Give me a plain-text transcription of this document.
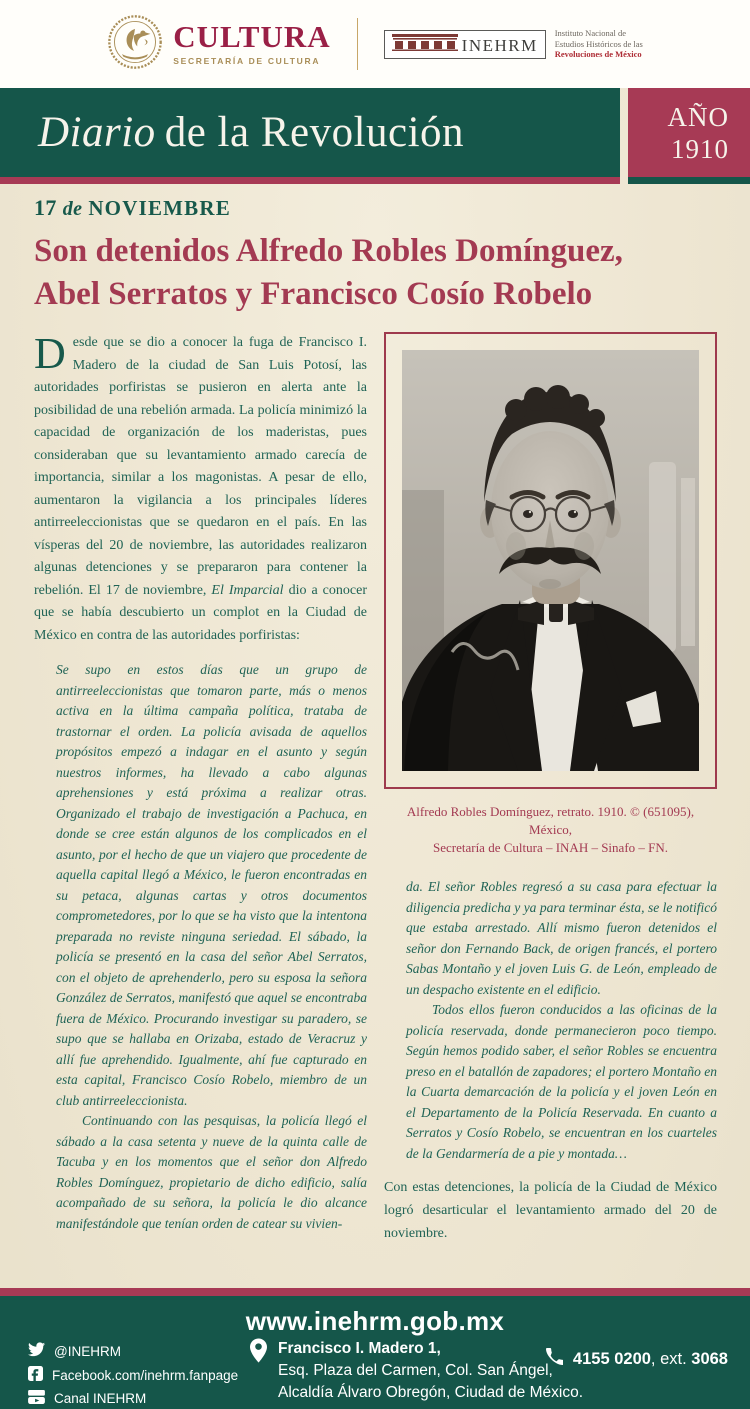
CULTURA
SECRETARÍA DE CULTURA
INEHRM
Instituto Nacional de
Estudios Históricos de las
Revoluciones de México
Diario de la Revolución	AÑO
1910
17 de NOVIEMBRE
Son detenidos Alfredo Robles Domínguez,
Abel Serratos y Francisco Cosío Robelo

Desde que se dio a conocer la fuga de Francisco I. Madero de la ciudad de San Luis Potosí, las autoridades porfiristas se pusieron en alerta ante la posibilidad de una rebelión armada. La policía minimizó la capacidad de organización de los maderistas, pues consideraban que su levantamiento armado carecía de importancia, similar a los magonistas. A pesar de ello, aumentaron la vigilancia a los principales líderes antirreeleccionistas que se quedaron en el país. En las vísperas del 20 de noviembre, las autoridades realizaron algunas detenciones y se prepararon para contener la rebelión. El 17 de noviembre, El Imparcial dio a conocer que se había descubierto un complot en la Ciudad de México en contra de las autoridades porfiristas:

Se supo en estos días que un grupo de antirreeleccionistas que tomaron parte, más o menos activa en la última campaña política, trataba de trastornar el orden. La policía avisada de aquellos propósitos empezó a indagar en el asunto y según nuestros informes, ha llevado a cabo algunas aprehensiones y está próxima a realizar otras. Organizado el trabajo de investigación a Pachuca, en donde se cree están algunos de los complicados en el asunto, por el hecho de que un viajero que procedente de aquella capital llegó a México, le fueron encontradas en su petaca, algunas cartas y otros documentos comprometedores, por lo que se ha visto que la intentona preparada no reviste ninguna seriedad. El sábado, la policía se presentó en la casa del señor Abel Serratos, con el objeto de aprehenderlo, pero su esposa la señora González de Serratos, manifestó que aquel se encontraba fuera de México. Procurando investigar su paradero, se supo que se hallaba en Orizaba, estado de Veracruz y allí fue aprehendido. Igualmente, ahí fue capturado en esta capital, Francisco Cosío Robelo, miembro de un club antirreeleccionista.

Continuando con las pesquisas, la policía llegó el sábado a la casa setenta y nueve de la quinta calle de Tacuba y en los momentos que el señor don Alfredo Robles Domínguez, propietario de dicho edificio, salía acompañado de su señora, la policía le dio alcance manifestándole que tenían orden de catear su vivien-

Alfredo Robles Domínguez, retrato. 1910. © (651095), México,
Secretaría de Cultura – INAH – Sinafo – FN.

da. El señor Robles regresó a su casa para efectuar la diligencia predicha y ya para terminar ésta, se le notificó que estaba arrestado. Allí mismo fueron detenidos el señor don Fernando Back, de origen francés, el portero Sabas Montaño y el joven Luis G. de León, empleado de un despacho existente en el edificio.

Todos ellos fueron conducidos a las oficinas de la policía reservada, donde permanecieron poco tiempo. Según hemos podido saber, el señor Robles se encuentra preso en el batallón de zapadores; el portero Montaño en la Cuarta demarcación de la policía y el joven León en el Departamento de la Policía Reservada. En cuanto a Serratos y Cosío Robelo, se encuentran en los cuarteles de la Gendarmería de a pie y montada…

Con estas detenciones, la policía de la Ciudad de México logró desarticular el levantamiento armado del 20 de noviembre.

www.inehrm.gob.mx
@INEHRM
Facebook.com/inehrm.fanpage
Canal INEHRM
Francisco I. Madero 1,
Esq. Plaza del Carmen, Col. San Ángel,
Alcaldía Álvaro Obregón, Ciudad de México.
4155 0200, ext. 3068
